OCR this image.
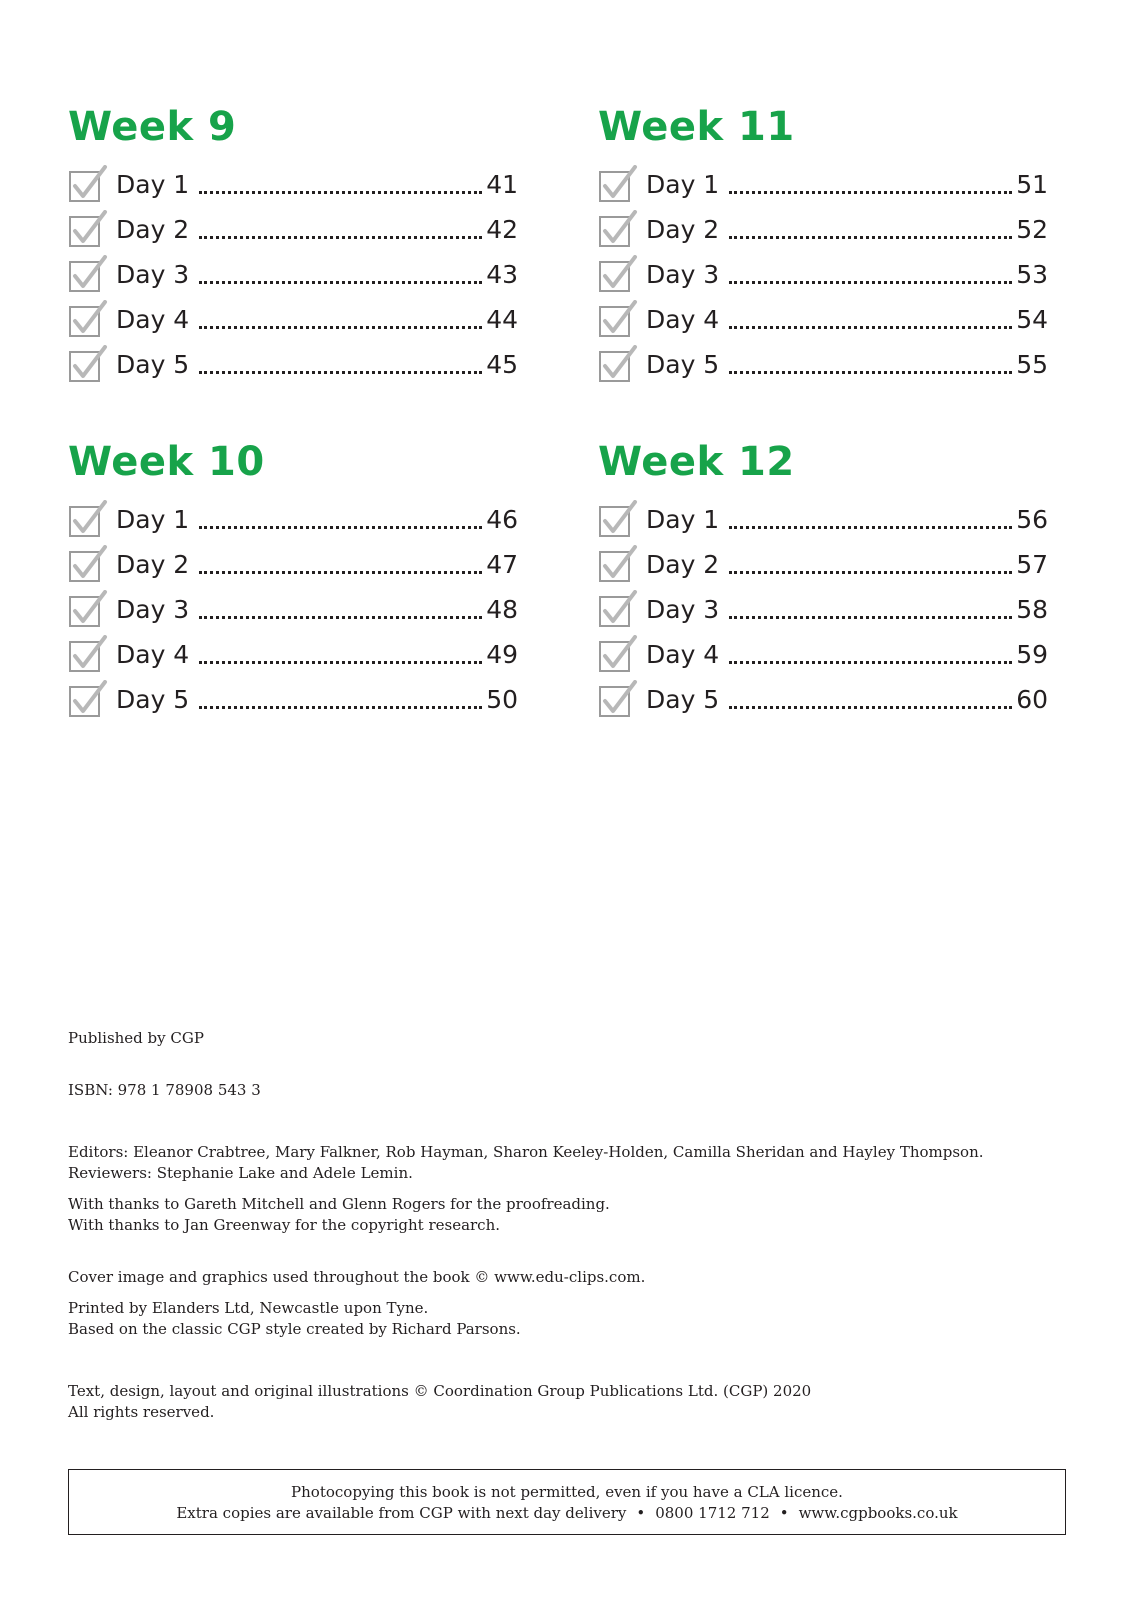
Week 9
Day 1	41
Day 2	42
Day 3	43
Day 4	44
Day 5	45
Week 11
Day 1	51
Day 2	52
Day 3	53
Day 4	54
Day 5	55
Week 10
Day 1	46
Day 2	47
Day 3	48
Day 4	49
Day 5	50
Week 12
Day 1	56
Day 2	57
Day 3	58
Day 4	59
Day 5	60

Published by CGP

ISBN: 978 1 78908 543 3

Editors: Eleanor Crabtree, Mary Falkner, Rob Hayman, Sharon Keeley-Holden, Camilla Sheridan and Hayley Thompson.

Reviewers: Stephanie Lake and Adele Lemin.

With thanks to Gareth Mitchell and Glenn Rogers for the proofreading.

With thanks to Jan Greenway for the copyright research.

Cover image and graphics used throughout the book © www.edu-clips.com.

Printed by Elanders Ltd, Newcastle upon Tyne.

Based on the classic CGP style created by Richard Parsons.

Text, design, layout and original illustrations © Coordination Group Publications Ltd. (CGP) 2020

All rights reserved.

Photocopying this book is not permitted, even if you have a CLA licence.
Extra copies are available from CGP with next day delivery • 0800 1712 712 • www.cgpbooks.co.uk
